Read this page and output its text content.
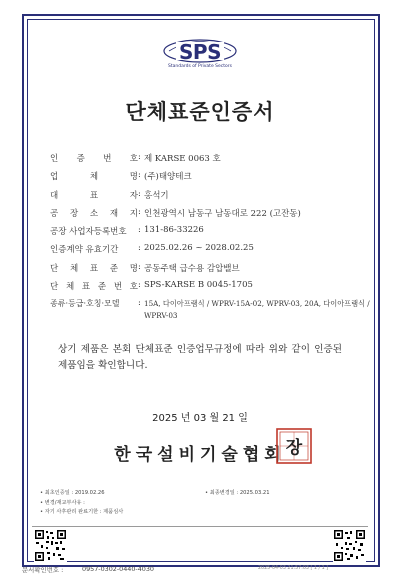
SPS
Standards of Private Sectors
단체표준인증서
인 증 번 호 : 제 KARSE 0063 호
업	체	명 : (주)태양테크
대	표	자 : 홍석기
공 장 소 재 지 : 인천광역시 남동구 남동대로 222 (고잔동)
공장 사업자등록번호	: 131-86-33226
인증계약 유효기간	: 2025.02.26 ~ 2028.02.25
단 체 표 준 명 : 공동주택 급수용 감압밸브
단 체 표 준 번 호 : SPS-KARSE B 0045-1705
종류·등급·호칭·모델	: 15A, 다이아프램식 / WPRV-15A-02, WPRV-03, 20A, 다이아프램식 / WPRV-03
상기 제품은 본회 단체표준 인증업무규정에 따라 위와 같이 인증된 제품임을 확인합니다.
2025 년 03 월 21 일
한국설비기술협회 장
• 최초인증일 : 2019.02.26	• 최종변경일 : 2025.03.21
• 변경/재교부사유 :
• 자기 사후관리 완료기한 : 제품심사
문서확인번호 :	0957-0302-0440-4030	2025-04-03 21:57:03 [ 1 / 1 ]
